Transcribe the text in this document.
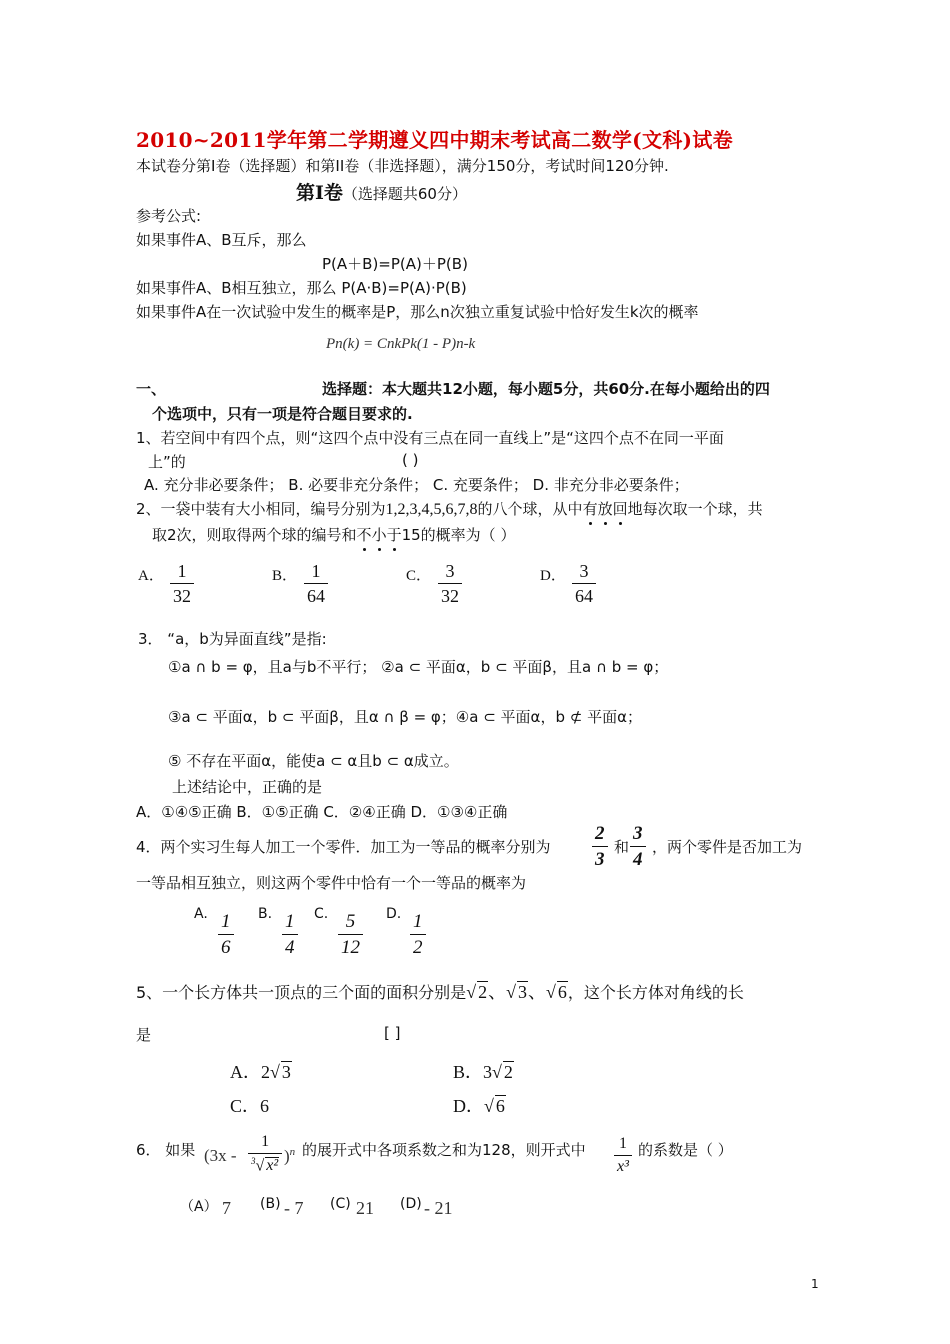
2010~2011学年第二学期遵义四中期末考试高二数学(文科)试卷
本试卷分第I卷（选择题）和第II卷（非选择题），满分150分，考试时间120分钟.
第Ⅰ卷（选择题共60分）
参考公式:
如果事件A、B互斥，那么
P(A＋B)=P(A)＋P(B)
如果事件A、B相互独立，那么 P(A·B)=P(A)·P(B)
如果事件A在一次试验中发生的概率是P，那么n次独立重复试验中恰好发生k次的概率
Pn(k) = CnkPk(1 - P)n-k
一、	选择题：本大题共12小题，每小题5分，共60分.在每小题给出的四
个选项中，只有一项是符合题目要求的.
1、若空间中有四个点，则“这四个点中没有三点在同一直线上”是“这四个点不在同一平面
上”的	( )
A. 充分非必要条件； B. 必要非充分条件； C. 充要条件； D. 非充分非必要条件；
2、一袋中装有大小相同，编号分别为1,2,3,4,5,6,7,8的八个球，从中有放回地每次取一个球，共
取2次，则取得两个球的编号和不小于15的概率为（ ）
A． $\frac{1}{32}$	B． $\frac{1}{64}$	C． $\frac{3}{32}$	D． $\frac{3}{64}$
3． “a，b为异面直线”是指:
①a ∩ b = φ，且a与b不平行； ②a ⊂ 平面α，b ⊂ 平面β，且a ∩ b = φ；
③a ⊂ 平面α，b ⊂ 平面β，且α ∩ β = φ；④a ⊂ 平面α，b ⊄ 平面α；
⑤ 不存在平面α，能使a ⊂ α且b ⊂ α成立。
上述结论中，正确的是
A．①④⑤正确 B．①⑤正确 C．②④正确 D．①③④正确
4．两个实习生每人加工一个零件．加工为一等品的概率分别为 $\frac{2}{3}$ 和 $\frac{3}{4}$ ，两个零件是否加工为
一等品相互独立，则这两个零件中恰有一个一等品的概率为
A. $\frac{1}{6} B$. $\frac{1}{4} C$. $\frac{5}{12} D$. $\frac{1}{2}$
5、一个长方体共一顶点的三个面的面积分别是√ 2、√ 3、√ 6，这个长方体对角线的长
是	[ ]
A．2√ 3	B．3√ 2
C．6	D．√ 6
6． 如果 $(3x - \frac{1}{^3√ x^2} )^n$ 的展开式中各项系数之和为128，则开式中 $\frac{1}{\text{x³}}$ 的系数是（ ）
（A） 7 (B) - 7 (C) 21 (D) - 21
1
